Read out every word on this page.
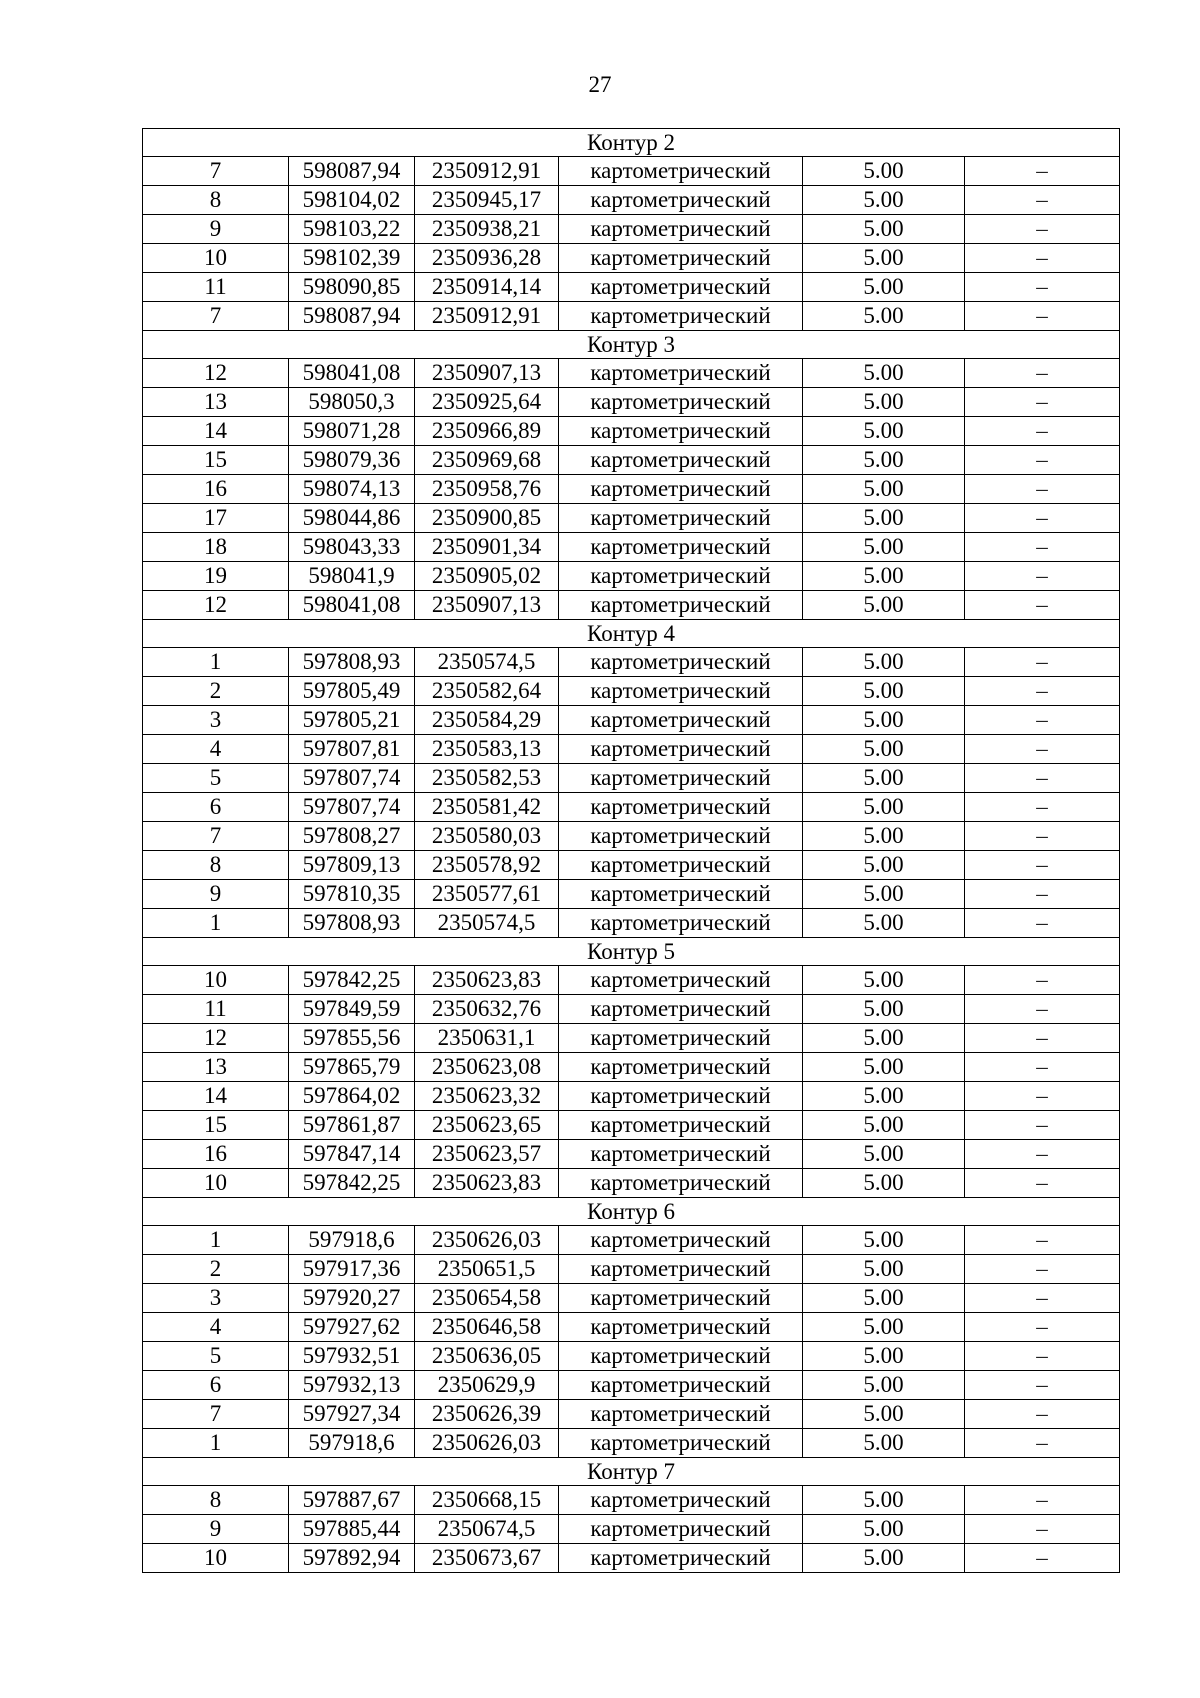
27
Контур 2					
7	598087,94	2350912,91	картометрический	5.00	–
8	598104,02	2350945,17	картометрический	5.00	–
9	598103,22	2350938,21	картометрический	5.00	–
10	598102,39	2350936,28	картометрический	5.00	–
11	598090,85	2350914,14	картометрический	5.00	–
7	598087,94	2350912,91	картометрический	5.00	–
Контур 3					
12	598041,08	2350907,13	картометрический	5.00	–
13	598050,3	2350925,64	картометрический	5.00	–
14	598071,28	2350966,89	картометрический	5.00	–
15	598079,36	2350969,68	картометрический	5.00	–
16	598074,13	2350958,76	картометрический	5.00	–
17	598044,86	2350900,85	картометрический	5.00	–
18	598043,33	2350901,34	картометрический	5.00	–
19	598041,9	2350905,02	картометрический	5.00	–
12	598041,08	2350907,13	картометрический	5.00	–
Контур 4					
1	597808,93	2350574,5	картометрический	5.00	–
2	597805,49	2350582,64	картометрический	5.00	–
3	597805,21	2350584,29	картометрический	5.00	–
4	597807,81	2350583,13	картометрический	5.00	–
5	597807,74	2350582,53	картометрический	5.00	–
6	597807,74	2350581,42	картометрический	5.00	–
7	597808,27	2350580,03	картометрический	5.00	–
8	597809,13	2350578,92	картометрический	5.00	–
9	597810,35	2350577,61	картометрический	5.00	–
1	597808,93	2350574,5	картометрический	5.00	–
Контур 5					
10	597842,25	2350623,83	картометрический	5.00	–
11	597849,59	2350632,76	картометрический	5.00	–
12	597855,56	2350631,1	картометрический	5.00	–
13	597865,79	2350623,08	картометрический	5.00	–
14	597864,02	2350623,32	картометрический	5.00	–
15	597861,87	2350623,65	картометрический	5.00	–
16	597847,14	2350623,57	картометрический	5.00	–
10	597842,25	2350623,83	картометрический	5.00	–
Контур 6					
1	597918,6	2350626,03	картометрический	5.00	–
2	597917,36	2350651,5	картометрический	5.00	–
3	597920,27	2350654,58	картометрический	5.00	–
4	597927,62	2350646,58	картометрический	5.00	–
5	597932,51	2350636,05	картометрический	5.00	–
6	597932,13	2350629,9	картометрический	5.00	–
7	597927,34	2350626,39	картометрический	5.00	–
1	597918,6	2350626,03	картометрический	5.00	–
Контур 7					
8	597887,67	2350668,15	картометрический	5.00	–
9	597885,44	2350674,5	картометрический	5.00	–
10	597892,94	2350673,67	картометрический	5.00	–
